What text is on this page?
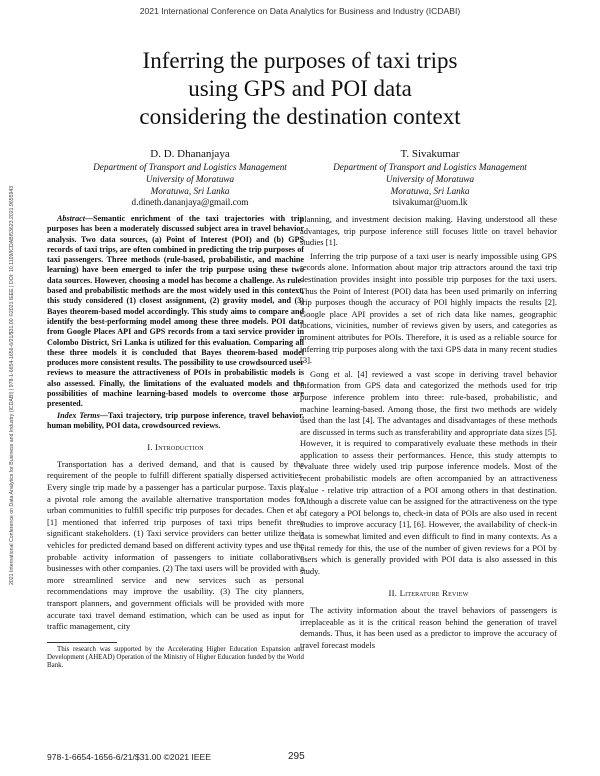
2021 International Conference on Data Analytics for Business and Industry (ICDABI)
2021 International Conference on Data Analytics for Business and Industry (ICDABI) | 978-1-6654-1656-6/21/$31.00 ©2021 IEEE | DOI: 10.1109/ICDABI53623.2021.9655943
Inferring the purposes of taxi trips
using GPS and POI data
considering the destination context
D. D. Dhananjaya
Department of Transport and Logistics Management
University of Moratuwa
Moratuwa, Sri Lanka
d.dineth.dananjaya@gmail.com
T. Sivakumar
Department of Transport and Logistics Management
University of Moratuwa
Moratuwa, Sri Lanka
tsivakumar@uom.lk

Abstract—Semantic enrichment of the taxi trajectories with trip purposes has been a moderately discussed subject area in travel behavior analysis. Two data sources, (a) Point of Interest (POI) and (b) GPS records of taxi trips, are often combined in predicting the trip purposes of taxi passengers. Three methods (rule-based, probabilistic, and machine learning) have been emerged to infer the trip purpose using these two data sources. However, choosing a model has become a challenge. As rule-based and probabilistic methods are the most widely used in this context, this study considered (1) closest assignment, (2) gravity model, and (3) Bayes theorem-based model accordingly. This study aims to compare and identify the best-performing model among these three models. POI data from Google Places API and GPS records from a taxi service provider in Colombo District, Sri Lanka is utilized for this evaluation. Comparing all these three models it is concluded that Bayes theorem-based model produces more consistent results. The possibility to use crowdsourced user reviews to measure the attractiveness of POIs in probabilistic models is also assessed. Finally, the limitations of the evaluated models and the possibilities of machine learning-based models to overcome those are presented.

Index Terms—Taxi trajectory, trip purpose inference, travel behavior, human mobility, POI data, crowdsourced reviews.

I. Introduction

Transportation has a derived demand, and that is caused by the requirement of the people to fulfill different spatially dispersed activities. Every single trip made by a passenger has a particular purpose. Taxis play a pivotal role among the available alternative transportation modes for urban communities to fulfill specific trip purposes for decades. Chen et al. [1] mentioned that inferred trip purposes of taxi trips benefit three significant stakeholders. (1) Taxi service providers can better utilize their vehicles for predicted demand based on different activity types and use the probable activity information of passengers to initiate collaborative businesses with other companies. (2) The taxi users will be provided with a more streamlined service and new services such as personal recommendations may improve the usability. (3) The city planners, transport planners, and government officials will be provided with more accurate taxi travel demand estimation, which can be used as input for traffic management, city

This research was supported by the Accelerating Higher Education Expansion and Development (AHEAD) Operation of the Ministry of Higher Education funded by the World Bank.

planning, and investment decision making. Having understood all these advantages, trip purpose inference still focuses little on travel behavior studies [1].

Inferring the trip purpose of a taxi user is nearly impossible using GPS records alone. Information about major trip attractors around the taxi trip destination provides insight into possible trip purposes for the taxi users. Thus the Point of Interest (POI) data has been used primarily on inferring trip purposes though the accuracy of POI highly impacts the results [2]. Google place API provides a set of rich data like names, geographic locations, vicinities, number of reviews given by users, and categories as prominent attributes for POIs. Therefore, it is used as a reliable source for inferring trip purposes along with the taxi GPS data in many recent studies [3].

Gong et al. [4] reviewed a vast scope in deriving travel behavior information from GPS data and categorized the methods used for trip purpose inference problem into three: rule-based, probabilistic, and machine learning-based. Among those, the first two methods are widely used than the last [4]. The advantages and disadvantages of these methods are discussed in terms such as transferability and appropriate data sizes [5]. However, it is required to comparatively evaluate these methods in their application to assess their performances. Hence, this study attempts to evaluate three widely used trip purpose inference models. Most of the recent probabilistic models are often accompanied by an attractiveness value - relative trip attraction of a POI among others in that destination. Although a discrete value can be assigned for the attractiveness on the type of category a POI belongs to, check-in data of POIs are also used in recent studies to improve accuracy [1], [6]. However, the availability of check-in data is somewhat limited and even difficult to find in many contexts. As a vital remedy for this, the use of the number of given reviews for a POI by users which is generally provided with POI data is also assessed in this study.

II. Literature Review

The activity information about the travel behaviors of passengers is irreplaceable as it is the critical reason behind the generation of travel demands. Thus, it has been used as a predictor to improve the accuracy of travel forecast models

978-1-6654-1656-6/21/$31.00 ©2021 IEEE	295
